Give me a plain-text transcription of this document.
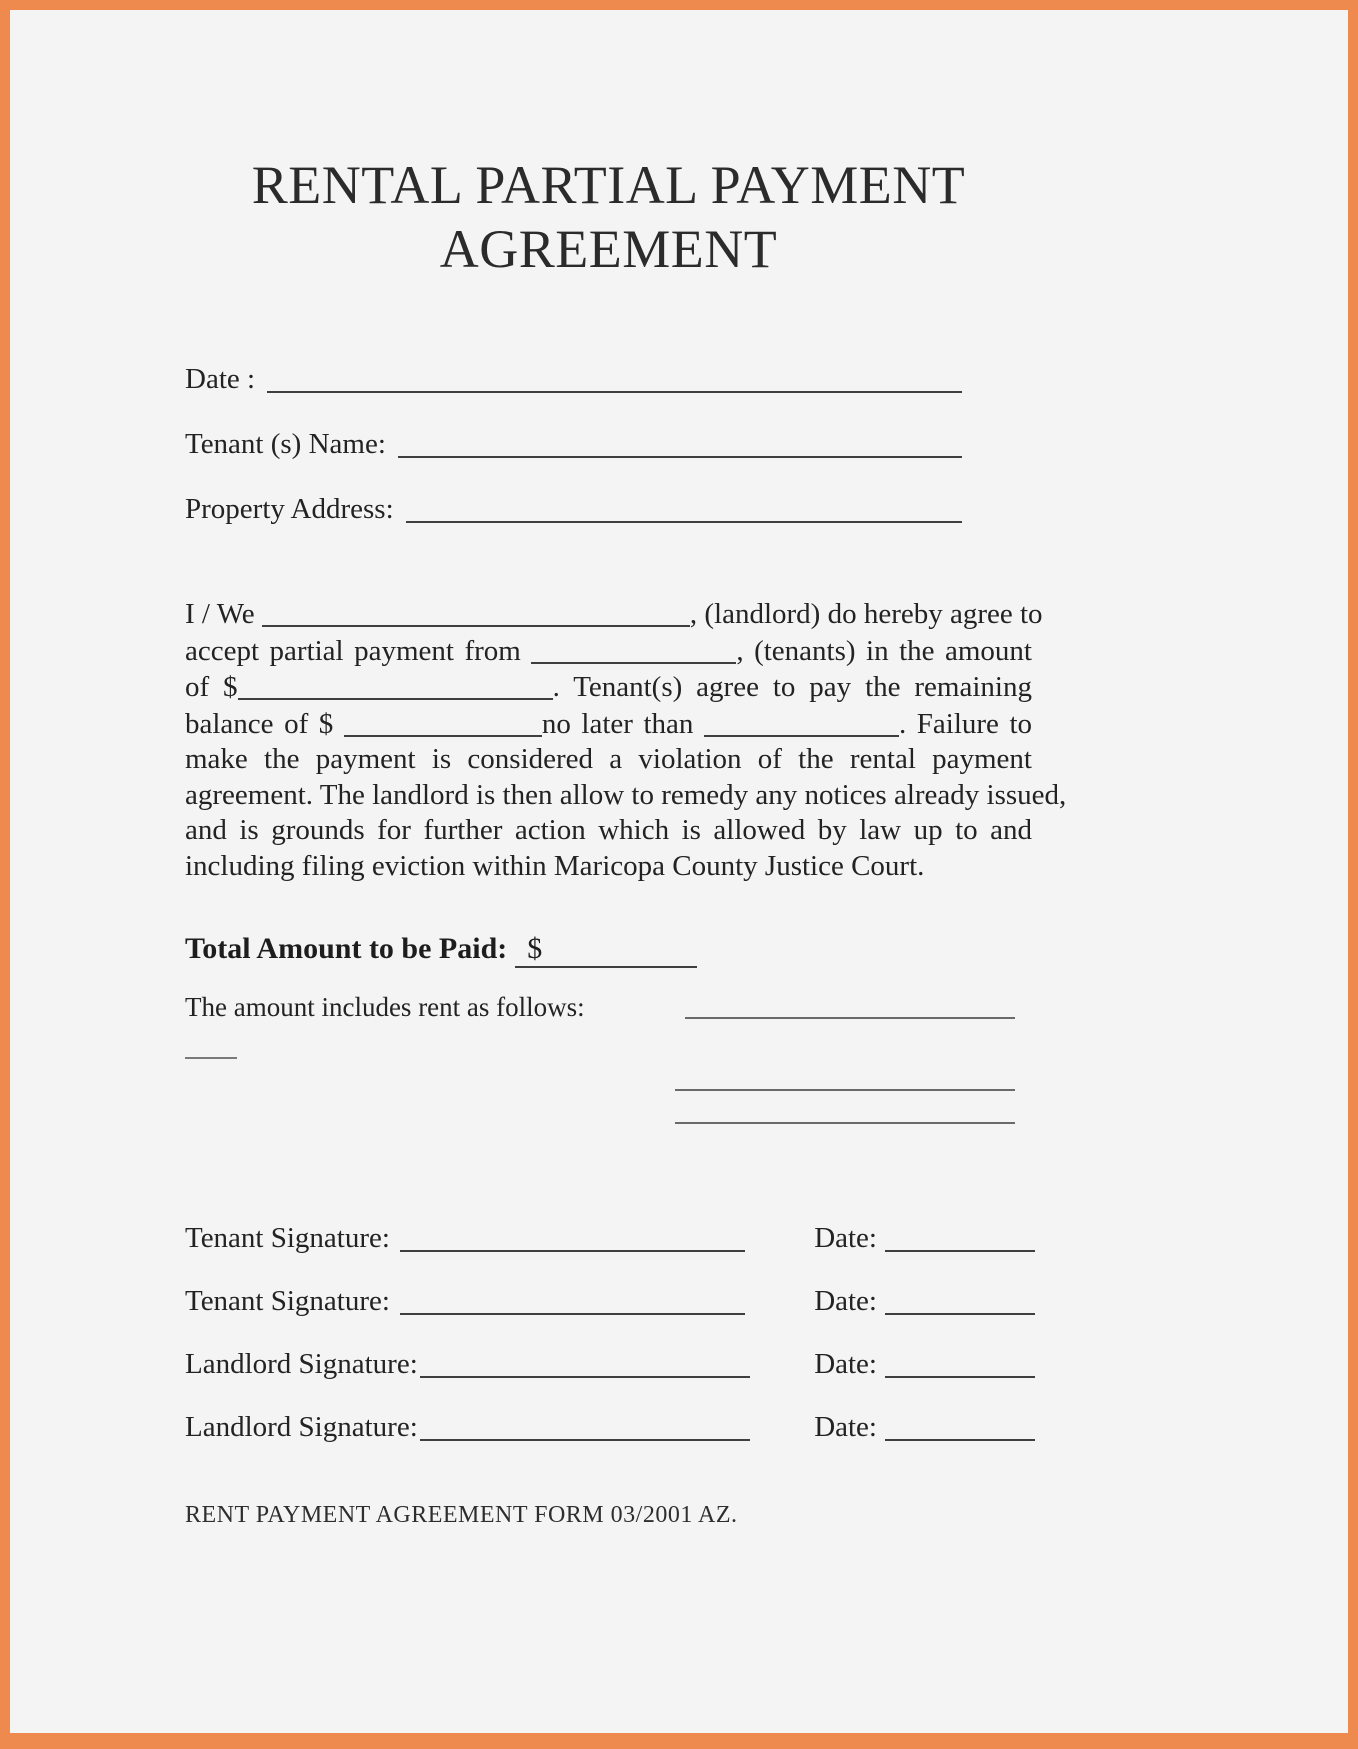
RENTAL PARTIAL PAYMENT
AGREEMENT
Date :
Tenant (s) Name:
Property Address:
I / We	, (landlord) do hereby agree to
accept partial payment from	, (tenants) in the amount
of $	. Tenant(s) agree to pay the remaining
balance of $	no later than	. Failure to
make the payment is considered a violation of the rental payment
agreement. The landlord is then allow to remedy any notices already issued,
and is grounds for further action which is allowed by law up to and
including filing eviction within Maricopa County Justice Court.
Total Amount to be Paid: $
The amount includes rent as follows:
Tenant Signature:	Date:
Tenant Signature:	Date:
Landlord Signature:	Date:
Landlord Signature:	Date:
RENT PAYMENT AGREEMENT FORM 03/2001 AZ.
